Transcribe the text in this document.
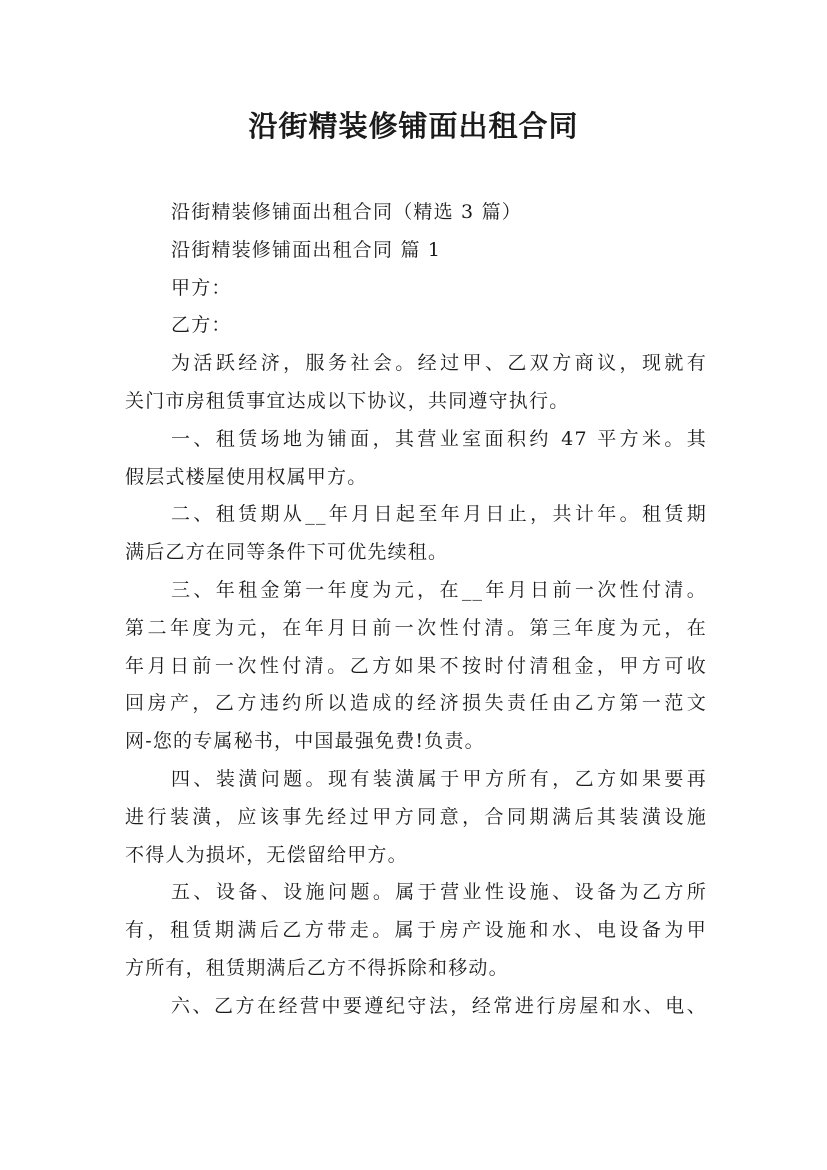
沿街精装修铺面出租合同
沿街精装修铺面出租合同（精选 3 篇）
沿街精装修铺面出租合同 篇 1
甲方：
乙方：
为活跃经济，服务社会。经过甲、乙双方商议，现就有
关门市房租赁事宜达成以下协议，共同遵守执行。
一、租赁场地为铺面，其营业室面积约 47 平方米。其
假层式楼屋使用权属甲方。
二、租赁期从__年月日起至年月日止，共计年。租赁期
满后乙方在同等条件下可优先续租。
三、年租金第一年度为元，在__年月日前一次性付清。
第二年度为元，在年月日前一次性付清。第三年度为元，在
年月日前一次性付清。乙方如果不按时付清租金，甲方可收
回房产，乙方违约所以造成的经济损失责任由乙方第一范文
网-您的专属秘书，中国最强免费!负责。
四、装潢问题。现有装潢属于甲方所有，乙方如果要再
进行装潢，应该事先经过甲方同意，合同期满后其装潢设施
不得人为损坏，无偿留给甲方。
五、设备、设施问题。属于营业性设施、设备为乙方所
有，租赁期满后乙方带走。属于房产设施和水、电设备为甲
方所有，租赁期满后乙方不得拆除和移动。
六、乙方在经营中要遵纪守法，经常进行房屋和水、电、
